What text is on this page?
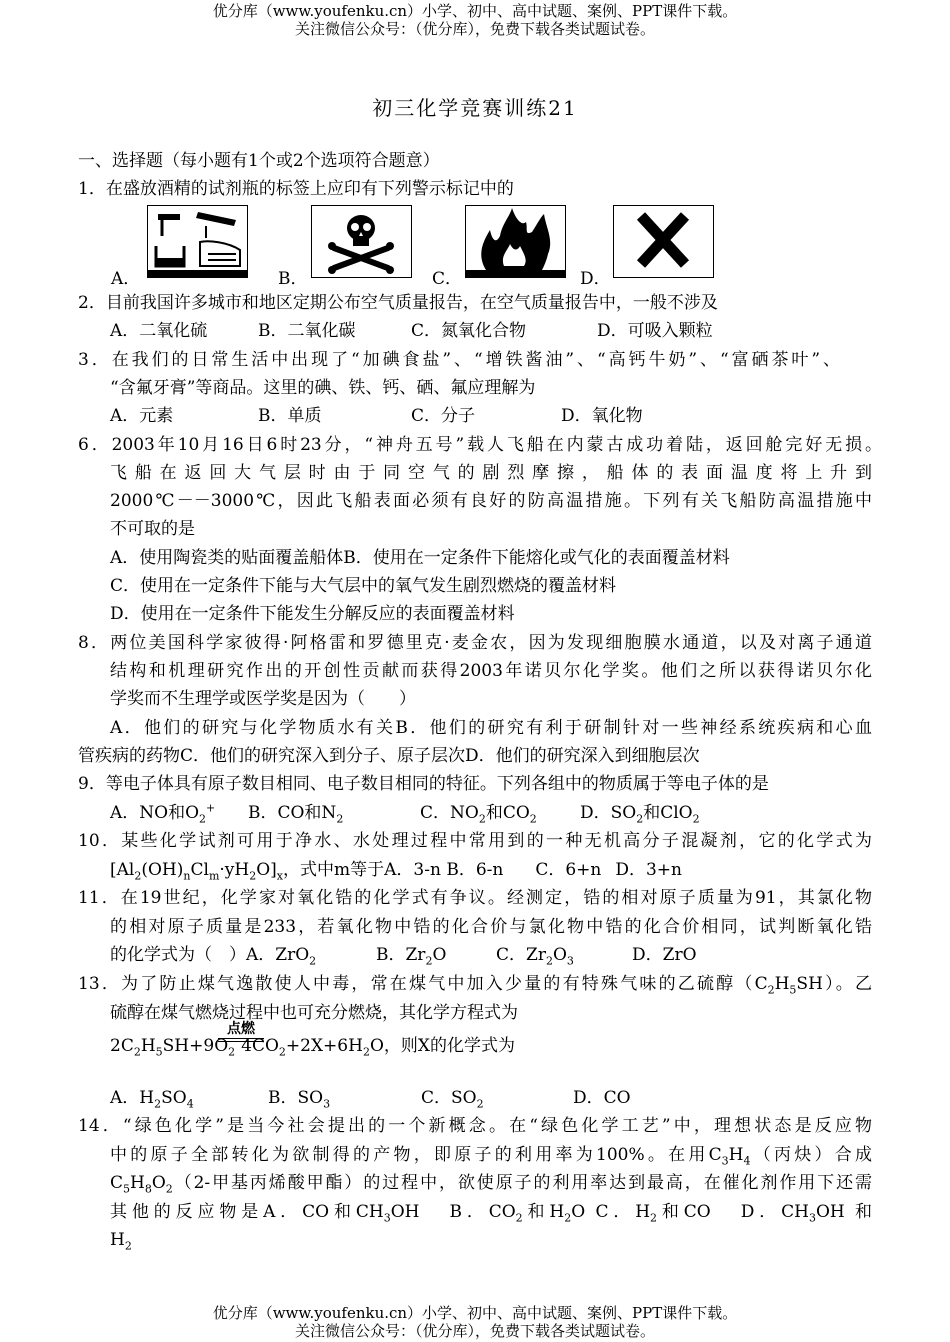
优分库（www.youfenku.cn）小学、初中、高中试题、案例、PPT课件下载。
关注微信公众号：（优分库），免费下载各类试题试卷。
初三化学竞赛训练21
一、选择题（每小题有1个或2个选项符合题意）
1．在盛放酒精的试剂瓶的标签上应印有下列警示标记中的
A．	B．	C．	D．
2．目前我国许多城市和地区定期公布空气质量报告，在空气质量报告中，一般不涉及
A．二氧化硫	B．二氧化碳	C．氮氧化合物	D．可吸入颗粒
3．在我们的日常生活中出现了“加碘食盐”、“增铁酱油”、“高钙牛奶”、“富硒茶叶”、
“含氟牙膏”等商品。这里的碘、铁、钙、硒、氟应理解为
A．元素	B．单质	C．分子	D．氧化物
6．2003年10月16日6时23分，“神舟五号”载人飞船在内蒙古成功着陆，返回舱完好无损。
飞船在返回大气层时由于同空气的剧烈摩擦，船体的表面温度将上升到
2000℃－－3000℃，因此飞船表面必须有良好的防高温措施。下列有关飞船防高温措施中
不可取的是
A．使用陶瓷类的贴面覆盖船体B．使用在一定条件下能熔化或气化的表面覆盖材料
C．使用在一定条件下能与大气层中的氧气发生剧烈燃烧的覆盖材料
D．使用在一定条件下能发生分解反应的表面覆盖材料
8．两位美国科学家彼得·阿格雷和罗德里克·麦金农，因为发现细胞膜水通道，以及对离子通道
结构和机理研究作出的开创性贡献而获得2003年诺贝尔化学奖。他们之所以获得诺贝尔化
学奖而不生理学或医学奖是因为（　　）
A．他们的研究与化学物质水有关B．他们的研究有利于研制针对一些神经系统疾病和心血
管疾病的药物C．他们的研究深入到分子、原子层次D．他们的研究深入到细胞层次
9．等电子体具有原子数目相同、电子数目相同的特征。下列各组中的物质属于等电子体的是
A．NO和$O_2^+$ B．CO和$N_2$	C．$NO_2$和$CO_2$	D．$SO_2$和ClO$_2$
10．某些化学试剂可用于净水、水处理过程中常用到的一种无机高分子混凝剂，它的化学式为
$[Al_2(OH)_nCl_m\cdot yH_2O]_x$，式中m等于A．3-n B．6-n C．6+n D．3+n
11．在19世纪，化学家对氧化锆的化学式有争议。经测定，锆的相对原子质量为91，其氯化物
的相对原子质量是233，若氧化物中锆的化合价与氯化物中锆的化合价相同，试判断氧化锆
的化学式为（　）A．ZrO$_2$	B．$Zr_2O$	C．$Zr_2O_3$	D．ZrO
13．为了防止煤气逸散使人中毒，常在煤气中加入少量的有特殊气味的乙硫醇$(C_2H_5SH)$。乙
硫醇在煤气燃烧过程中也可充分燃烧，其化学方程式为
点燃
$2C_2H_5SH+9O_2$ $4CO_2+2X+6H_2O$，则X的化学式为
A．$H_2SO_4$	B．$SO_3$	C．$SO_2$	D．CO
14．“绿色化学”是当今社会提出的一个新概念。在“绿色化学工艺”中，理想状态是反应物
中的原子全部转化为欲制得的产物，即原子的利用率为100%。在用$C_3H_4$（丙炔）合成
$C_5H_8O_2(2-$甲基丙烯酸甲酯）的过程中，欲使原子的利用率达到最高，在催化剂作用下还需
其他的反应物是A．CO和$CH_3OH$ B．$CO_2$和$H_2O$ C．$H_2$和CO D．$CH_3OH$ 和
$H_2$
优分库（www.youfenku.cn）小学、初中、高中试题、案例、PPT课件下载。
关注微信公众号：（优分库），免费下载各类试题试卷。
